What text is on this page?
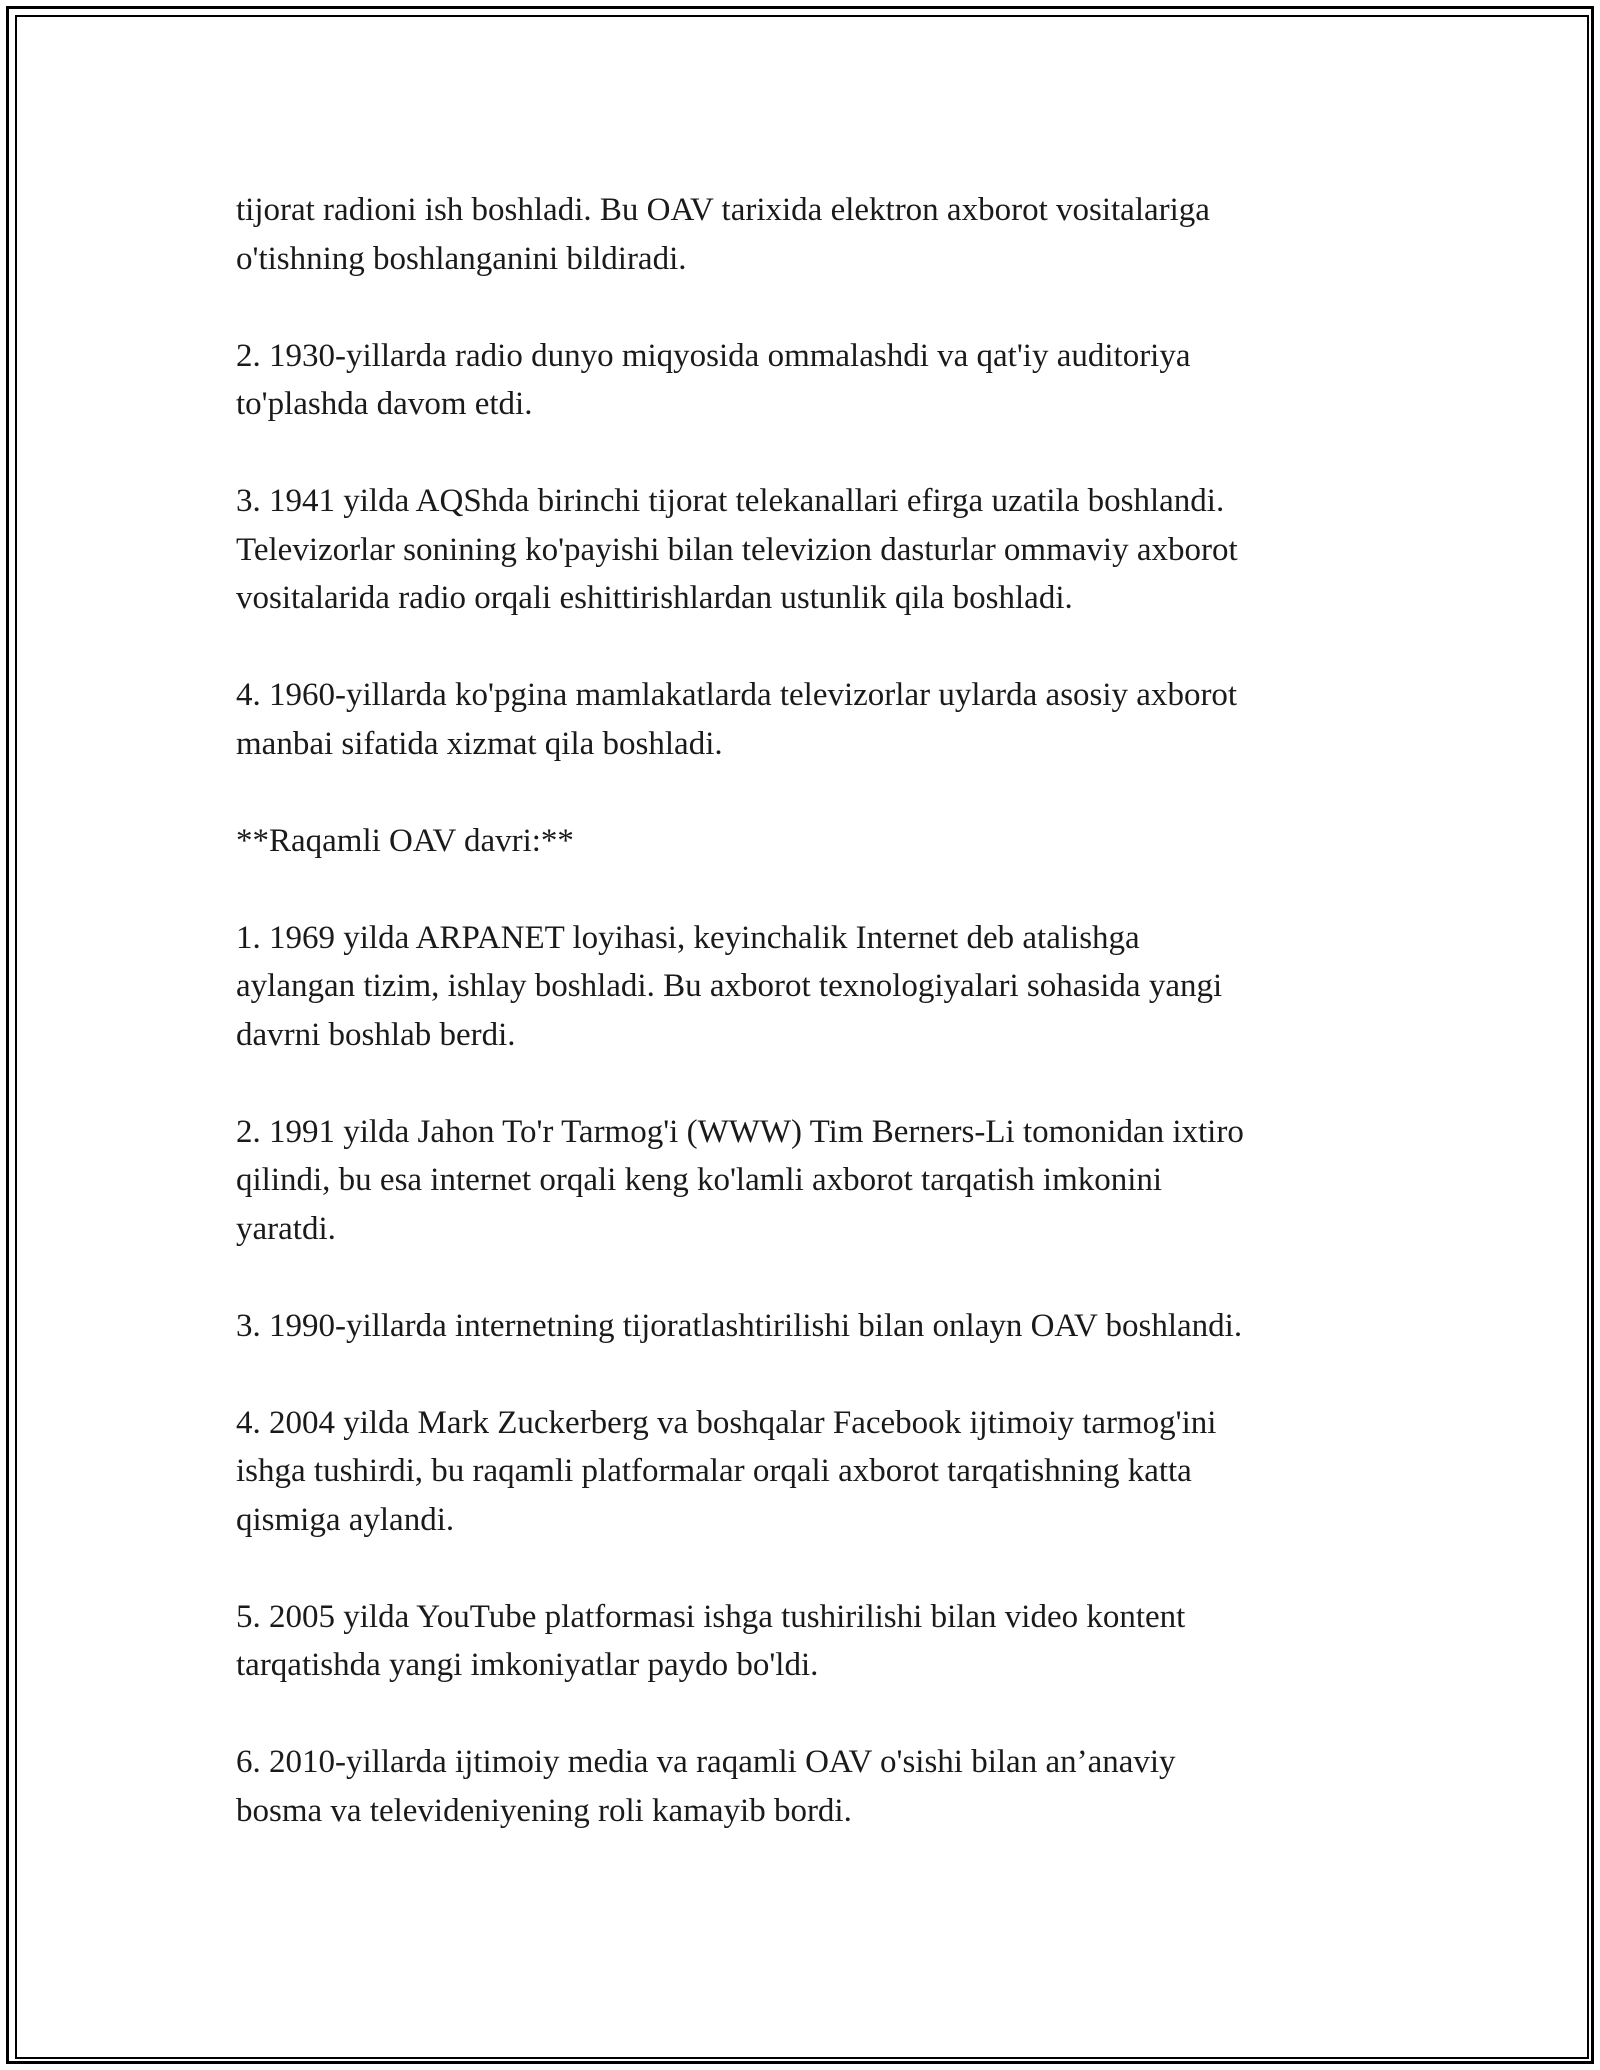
tijorat radioni ish boshladi. Bu OAV tarixida elektron axborot vositalariga
o'tishning boshlanganini bildiradi.

2. 1930-yillarda radio dunyo miqyosida ommalashdi va qat'iy auditoriya
to'plashda davom etdi.

3. 1941 yilda AQShda birinchi tijorat telekanallari efirga uzatila boshlandi.
Televizorlar sonining ko'payishi bilan televizion dasturlar ommaviy axborot
vositalarida radio orqali eshittirishlardan ustunlik qila boshladi.

4. 1960-yillarda ko'pgina mamlakatlarda televizorlar uylarda asosiy axborot
manbai sifatida xizmat qila boshladi.

**Raqamli OAV davri:**

1. 1969 yilda ARPANET loyihasi, keyinchalik Internet deb atalishga
aylangan tizim, ishlay boshladi. Bu axborot texnologiyalari sohasida yangi
davrni boshlab berdi.

2. 1991 yilda Jahon To'r Tarmog'i (WWW) Tim Berners-Li tomonidan ixtiro
qilindi, bu esa internet orqali keng ko'lamli axborot tarqatish imkonini
yaratdi.

3. 1990-yillarda internetning tijoratlashtirilishi bilan onlayn OAV boshlandi.

4. 2004 yilda Mark Zuckerberg va boshqalar Facebook ijtimoiy tarmog'ini
ishga tushirdi, bu raqamli platformalar orqali axborot tarqatishning katta
qismiga aylandi.

5. 2005 yilda YouTube platformasi ishga tushirilishi bilan video kontent
tarqatishda yangi imkoniyatlar paydo bo'ldi.

6. 2010-yillarda ijtimoiy media va raqamli OAV o'sishi bilan an’anaviy
bosma va televideniyening roli kamayib bordi.
